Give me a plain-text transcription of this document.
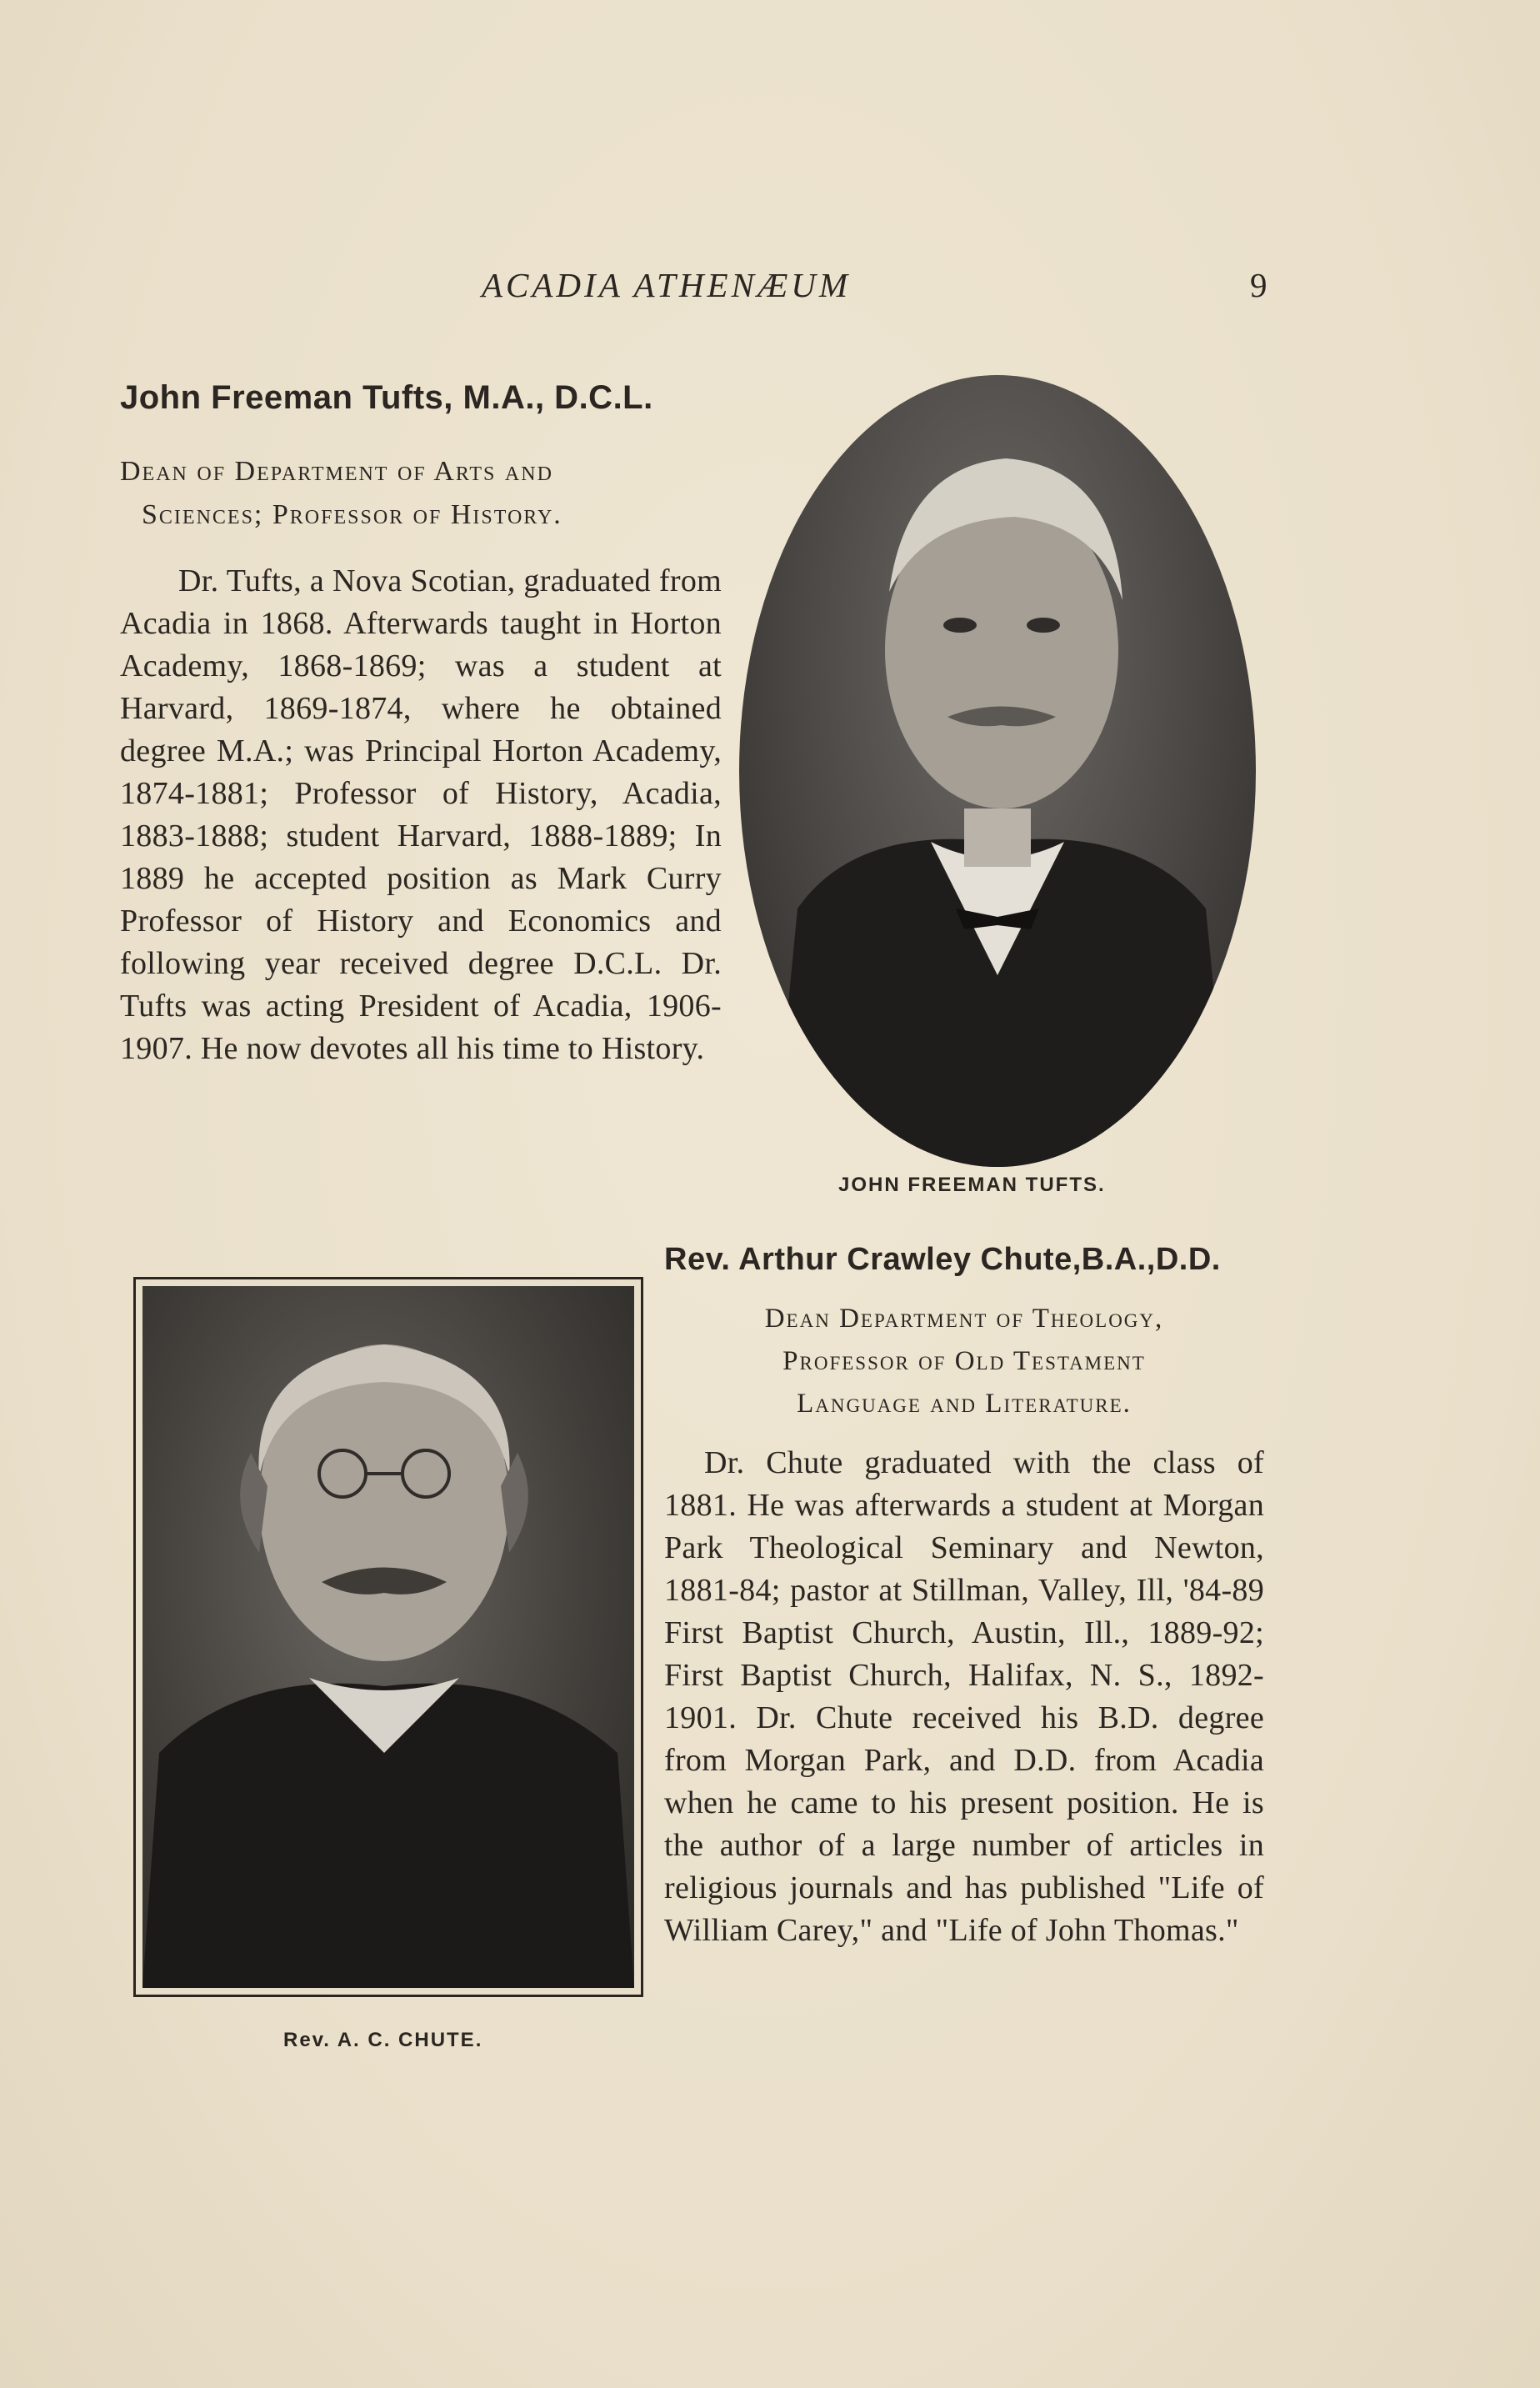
ACADIA ATHENÆUM	9
John Freeman Tufts, M.A., D.C.L.

Dean of Department of Arts and
Sciences; Professor of History.

Dr. Tufts, a Nova Scotian, graduated from Acadia in 1868. Afterwards taught in Horton Academy, 1868-1869; was a student at Harvard, 1869-1874, where he obtained degree M.A.; was Principal Horton Academy, 1874-1881; Professor of History, Acadia, 1883-1888; student Harvard, 1888-1889; In 1889 he accepted position as Mark Curry Professor of History and Economics and following year received degree D.C.L. Dr. Tufts was acting President of Acadia, 1906-1907. He now devotes all his time to History.

JOHN FREEMAN TUFTS.
Rev. A. C. CHUTE.
Rev. Arthur Crawley Chute,B.A.,D.D.

Dean Department of Theology,
Professor of Old Testament
Language and Literature.

Dr. Chute graduated with the class of 1881. He was afterwards a student at Morgan Park Theological Seminary and Newton, 1881-84; pastor at Stillman, Valley, Ill, '84-89 First Baptist Church, Austin, Ill., 1889-92; First Baptist Church, Halifax, N. S., 1892-1901. Dr. Chute received his B.D. degree from Morgan Park, and D.D. from Acadia when he came to his present position. He is the author of a large number of articles in religious journals and has published "Life of William Carey," and "Life of John Thomas."
